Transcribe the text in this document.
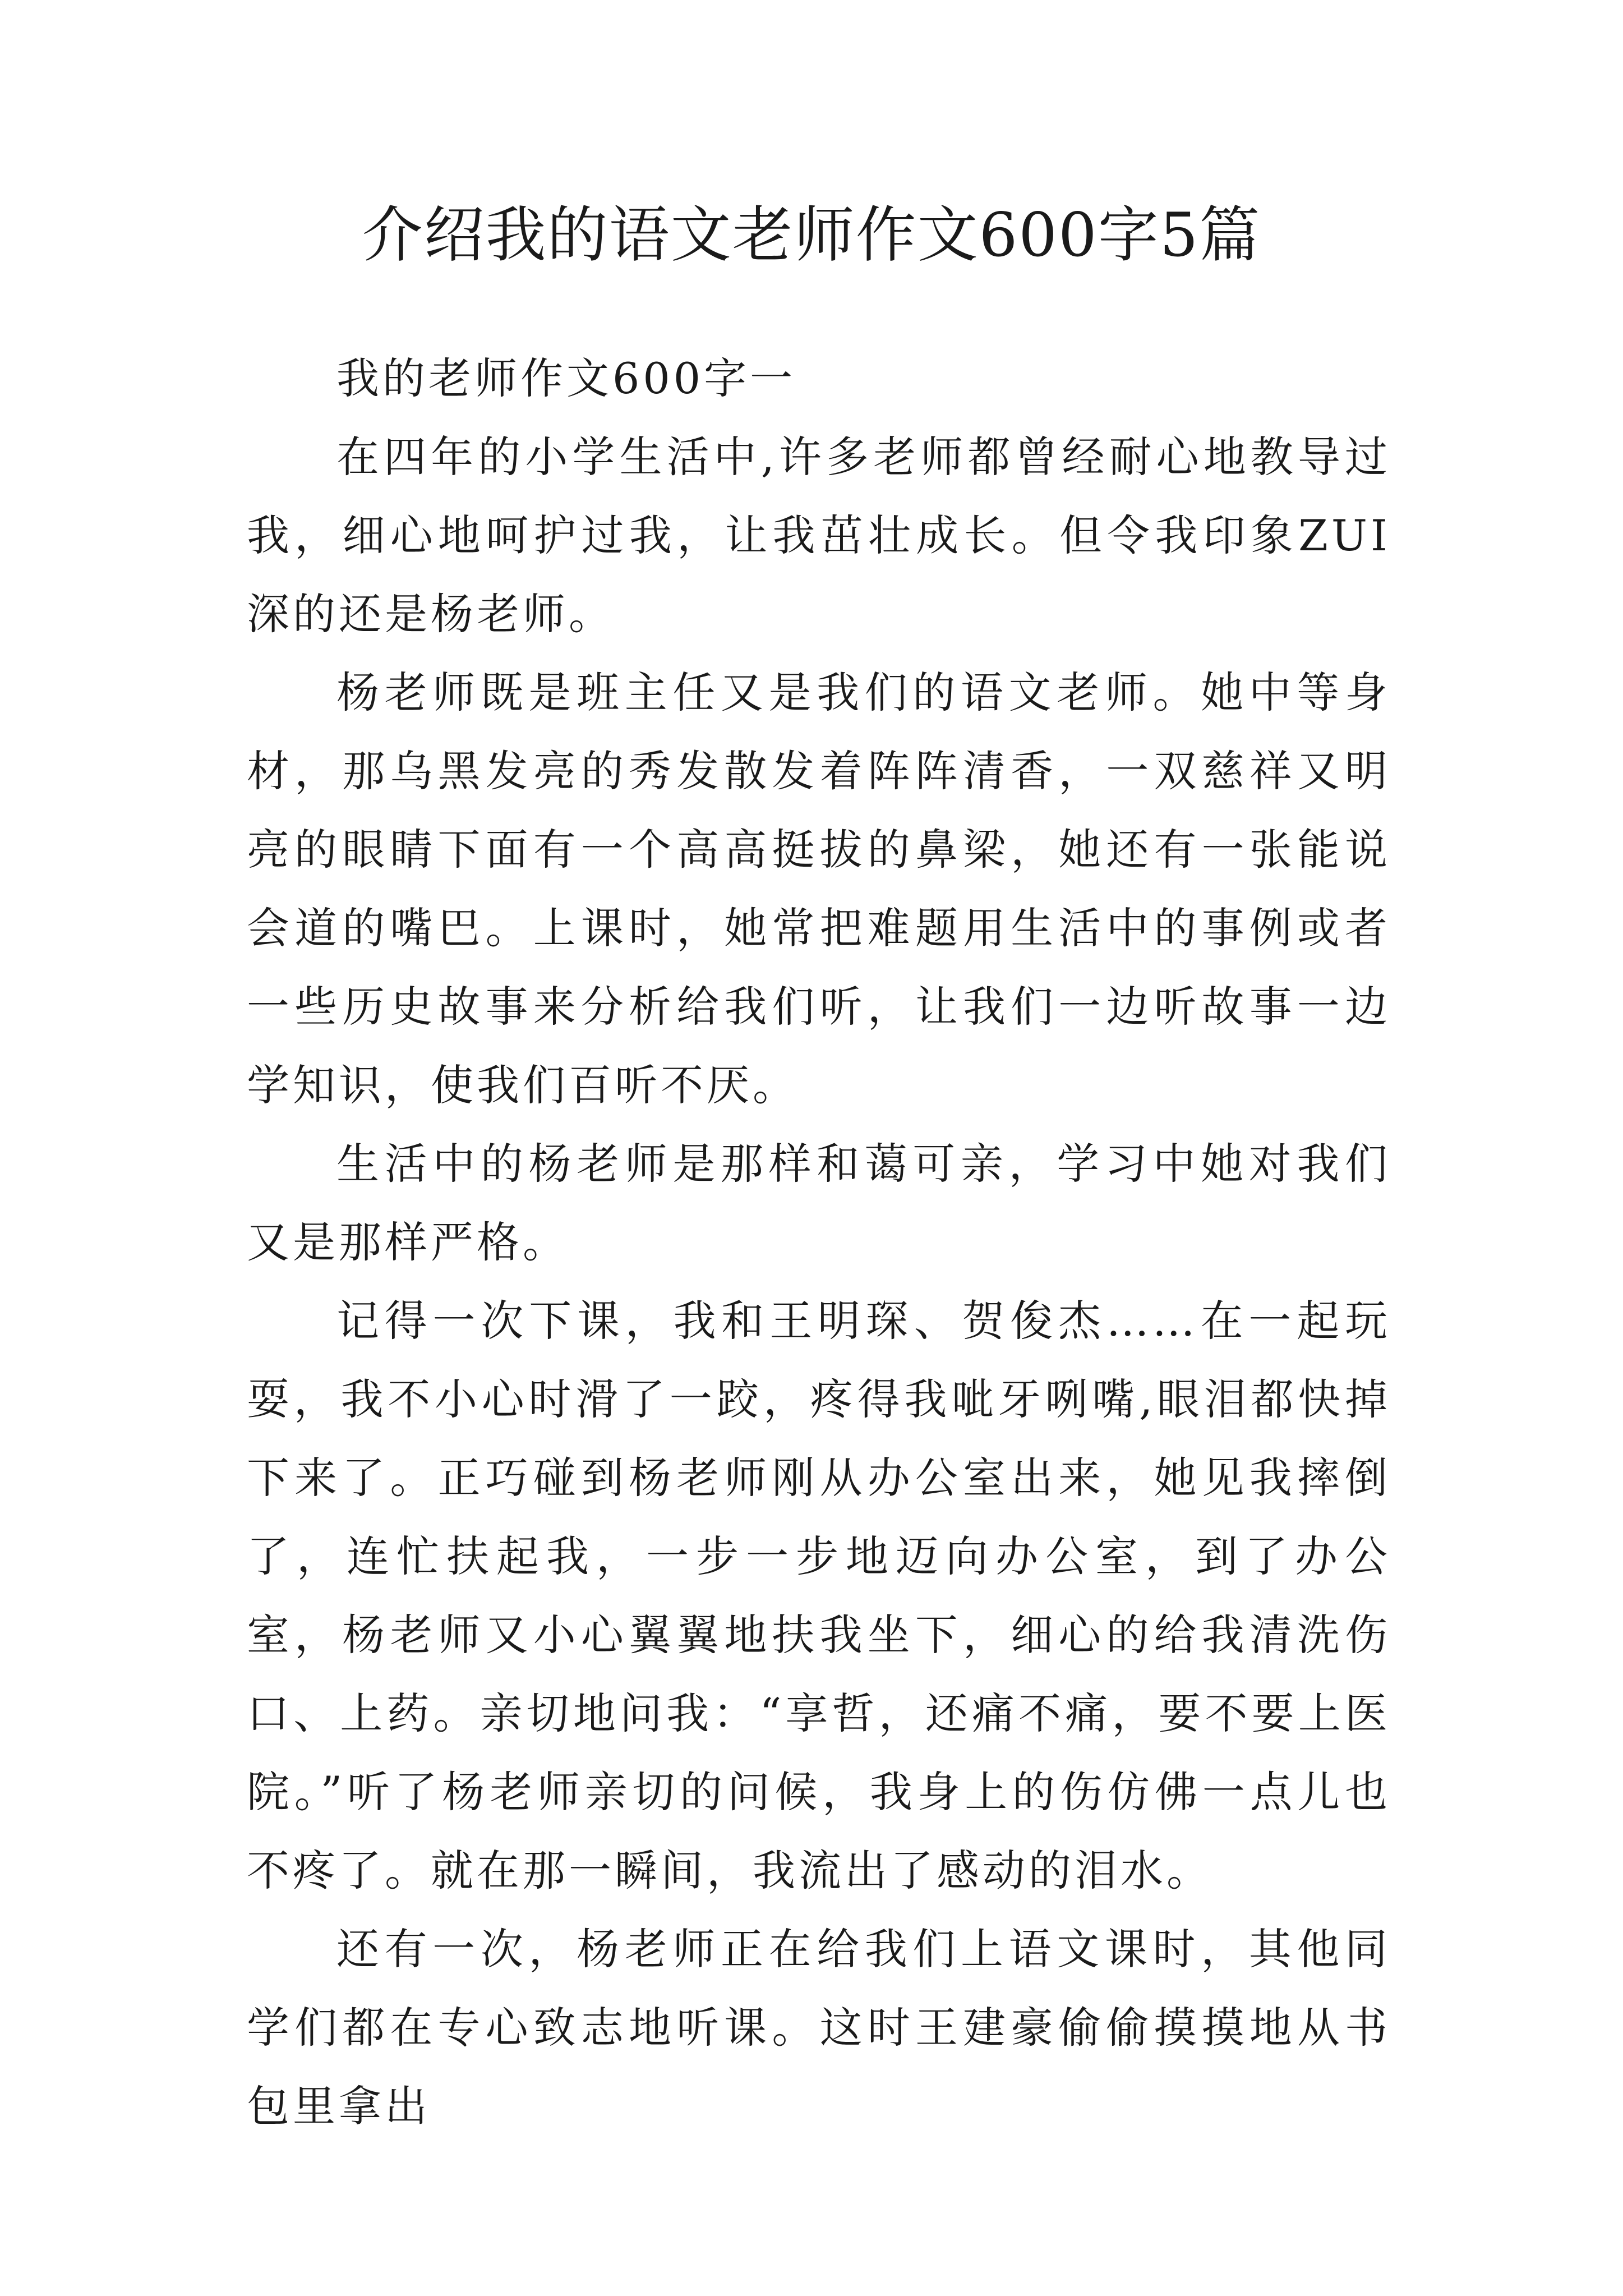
介绍我的语文老师作文600字5篇

我的老师作文600字一

在四年的小学生活中,许多老师都曾经耐心地教导过我，细心地呵护过我，让我茁壮成长。但令我印象ZUI深的还是杨老师。

杨老师既是班主任又是我们的语文老师。她中等身材，那乌黑发亮的秀发散发着阵阵清香，一双慈祥又明亮的眼睛下面有一个高高挺拔的鼻梁，她还有一张能说会道的嘴巴。上课时，她常把难题用生活中的事例或者一些历史故事来分析给我们听，让我们一边听故事一边学知识，使我们百听不厌。

生活中的杨老师是那样和蔼可亲，学习中她对我们又是那样严格。

记得一次下课，我和王明琛、贺俊杰……在一起玩耍，我不小心时滑了一跤，疼得我呲牙咧嘴,眼泪都快掉下来了。正巧碰到杨老师刚从办公室出来，她见我摔倒了，连忙扶起我，一步一步地迈向办公室，到了办公室，杨老师又小心翼翼地扶我坐下，细心的给我清洗伤口、上药。亲切地问我：“享哲，还痛不痛，要不要上医院。”听了杨老师亲切的问候，我身上的伤仿佛一点儿也不疼了。就在那一瞬间，我流出了感动的泪水。

还有一次，杨老师正在给我们上语文课时，其他同学们都在专心致志地听课。这时王建豪偷偷摸摸地从书包里拿出
